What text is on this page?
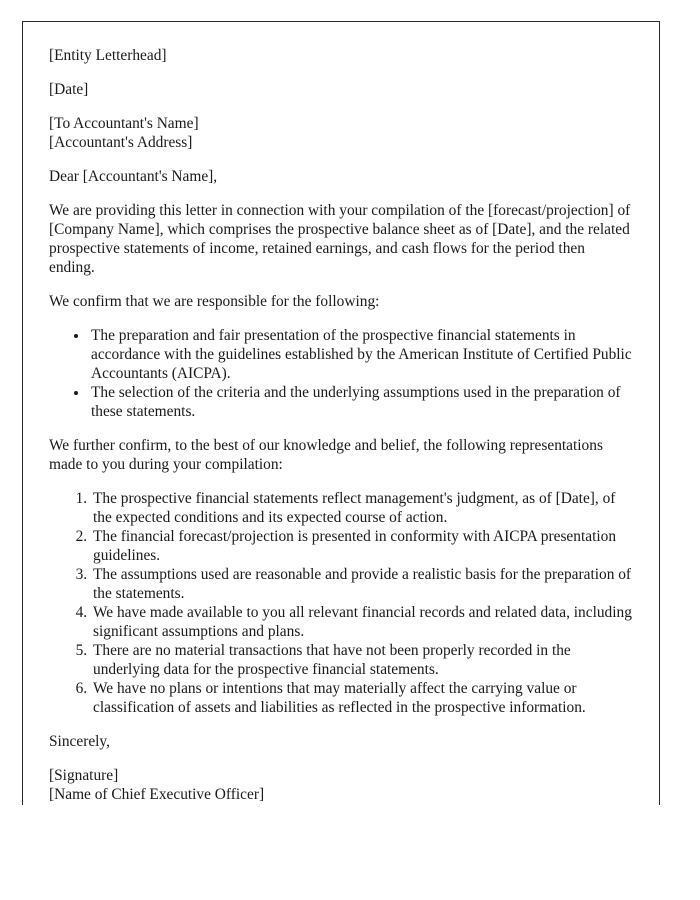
[Entity Letterhead]

[Date]

[To Accountant's Name]

[Accountant's Address]

Dear [Accountant's Name],

We are providing this letter in connection with your compilation of the [forecast/projection] of [Company Name], which comprises the prospective balance sheet as of [Date], and the related prospective statements of income, retained earnings, and cash flows for the period then ending.

We confirm that we are responsible for the following:

• The preparation and fair presentation of the prospective financial statements in accordance with the guidelines established by the American Institute of Certified Public Accountants (AICPA).
• The selection of the criteria and the underlying assumptions used in the preparation of these statements.

We further confirm, to the best of our knowledge and belief, the following representations made to you during your compilation:

1. The prospective financial statements reflect management's judgment, as of [Date], of the expected conditions and its expected course of action.
2. The financial forecast/projection is presented in conformity with AICPA presentation guidelines.
3. The assumptions used are reasonable and provide a realistic basis for the preparation of the statements.
4. We have made available to you all relevant financial records and related data, including significant assumptions and plans.
5. There are no material transactions that have not been properly recorded in the underlying data for the prospective financial statements.
6. We have no plans or intentions that may materially affect the carrying value or classification of assets and liabilities as reflected in the prospective information.

Sincerely,

[Signature]

[Name of Chief Executive Officer]
